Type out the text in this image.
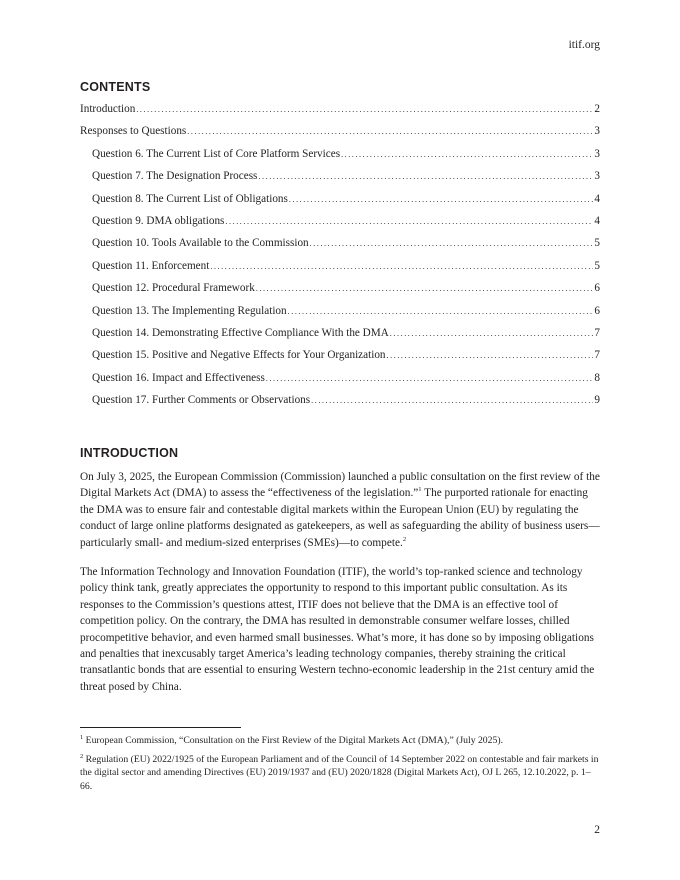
itif.org
CONTENTS
Introduction .....	2
Responses to Questions .....	3
Question 6. The Current List of Core Platform Services .....	3
Question 7. The Designation Process .....	3
Question 8. The Current List of Obligations .....	4
Question 9. DMA obligations .....	4
Question 10. Tools Available to the Commission .....	5
Question 11. Enforcement .....	5
Question 12. Procedural Framework .....	6
Question 13. The Implementing Regulation .....	6
Question 14. Demonstrating Effective Compliance With the DMA .....	7
Question 15. Positive and Negative Effects for Your Organization .....	7
Question 16. Impact and Effectiveness .....	8
Question 17. Further Comments or Observations .....	9
INTRODUCTION

On July 3, 2025, the European Commission (Commission) launched a public consultation on the first review of the Digital Markets Act (DMA) to assess the “effectiveness of the legislation.”$^1$ The purported rationale for enacting the DMA was to ensure fair and contestable digital markets within the European Union (EU) by regulating the conduct of large online platforms designated as gatekeepers, as well as safeguarding the ability of business users—particularly small- and medium-sized enterprises (SMEs)—to compete.$^2$

The Information Technology and Innovation Foundation (ITIF), the world’s top-ranked science and technology policy think tank, greatly appreciates the opportunity to respond to this important public consultation. As its responses to the Commission’s questions attest, ITIF does not believe that the DMA is an effective tool of competition policy. On the contrary, the DMA has resulted in demonstrable consumer welfare losses, chilled procompetitive behavior, and even harmed small businesses. What’s more, it has done so by imposing obligations and penalties that inexcusably target America’s leading technology companies, thereby straining the critical transatlantic bonds that are essential to ensuring Western techno-economic leadership in the 21st century amid the threat posed by China.

$^1$ European Commission, “Consultation on the First Review of the Digital Markets Act (DMA),” (July 2025).

$^2$ Regulation (EU) 2022/1925 of the European Parliament and of the Council of 14 September 2022 on contestable and fair markets in the digital sector and amending Directives (EU) 2019/1937 and (EU) 2020/1828 (Digital Markets Act), OJ L 265, 12.10.2022, p. 1–66.

2
